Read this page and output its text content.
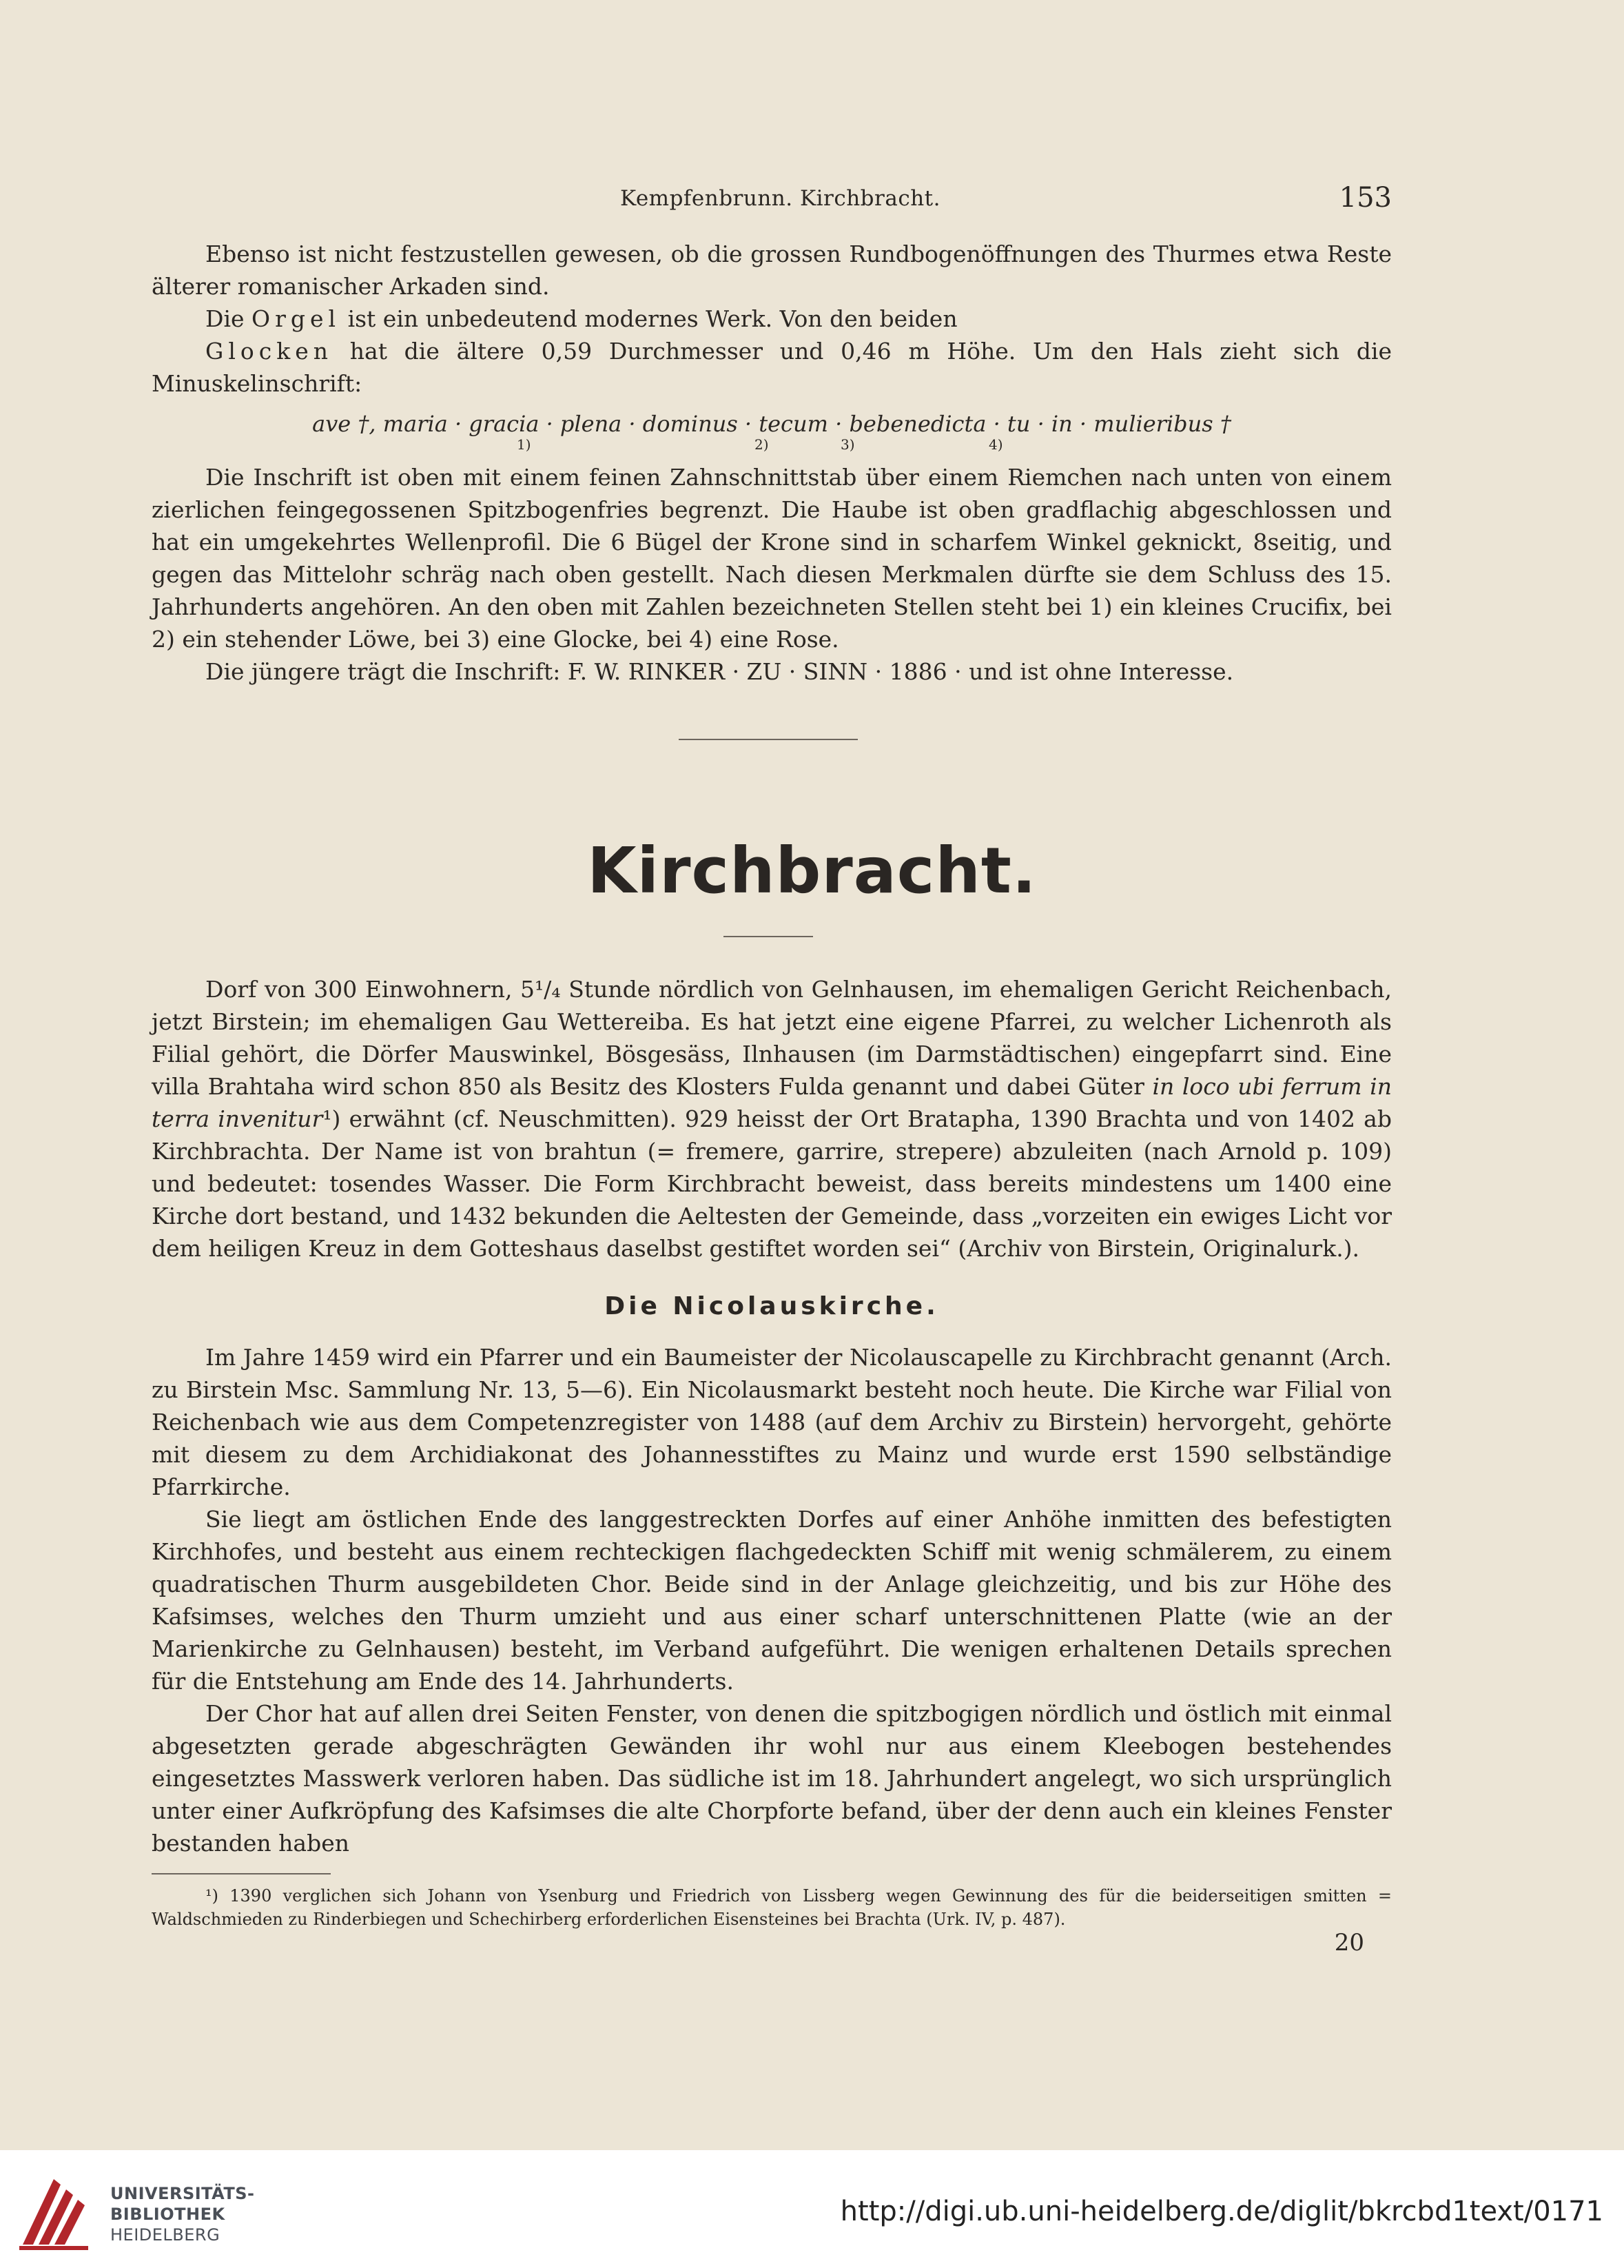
Kempfenbrunn. Kirchbracht.	153

Ebenso ist nicht festzustellen gewesen, ob die grossen Rundbogenöffnungen des Thurmes etwa Reste älterer romanischer Arkaden sind.

Die Orgel ist ein unbedeutend modernes Werk. Von den beiden

Glocken hat die ältere 0,59 Durchmesser und 0,46 m Höhe. Um den Hals zieht sich die Minuskelinschrift:

ave †, maria · gracia · plena · dominus · tecum · bebenedicta · tu · in · mulieribus †
1)	2)	3)	4)

Die Inschrift ist oben mit einem feinen Zahnschnittstab über einem Riemchen nach unten von einem zierlichen feingegossenen Spitzbogenfries begrenzt. Die Haube ist oben gradflachig abgeschlossen und hat ein umgekehrtes Wellenprofil. Die 6 Bügel der Krone sind in scharfem Winkel geknickt, 8seitig, und gegen das Mittelohr schräg nach oben gestellt. Nach diesen Merkmalen dürfte sie dem Schluss des 15. Jahrhunderts angehören. An den oben mit Zahlen bezeichneten Stellen steht bei 1) ein kleines Crucifix, bei 2) ein stehender Löwe, bei 3) eine Glocke, bei 4) eine Rose.

Die jüngere trägt die Inschrift: F. W. RINKER · ZU · SINN · 1886 · und ist ohne Interesse.

Kirchbracht.

Dorf von 300 Einwohnern, 5¹/₄ Stunde nördlich von Gelnhausen, im ehemaligen Gericht Reichenbach, jetzt Birstein; im ehemaligen Gau Wettereiba. Es hat jetzt eine eigene Pfarrei, zu welcher Lichenroth als Filial gehört, die Dörfer Mauswinkel, Bösgesäss, Ilnhausen (im Darmstädtischen) eingepfarrt sind. Eine villa Brahtaha wird schon 850 als Besitz des Klosters Fulda genannt und dabei Güter in loco ubi ferrum in terra invenitur¹) erwähnt (cf. Neuschmitten). 929 heisst der Ort Bratapha, 1390 Brachta und von 1402 ab Kirchbrachta. Der Name ist von brahtun (= fremere, garrire, strepere) abzuleiten (nach Arnold p. 109) und bedeutet: tosendes Wasser. Die Form Kirchbracht beweist, dass bereits mindestens um 1400 eine Kirche dort bestand, und 1432 bekunden die Aeltesten der Gemeinde, dass „vorzeiten ein ewiges Licht vor dem heiligen Kreuz in dem Gotteshaus daselbst gestiftet worden sei“ (Archiv von Birstein, Originalurk.).

Die Nicolauskirche.

Im Jahre 1459 wird ein Pfarrer und ein Baumeister der Nicolauscapelle zu Kirchbracht genannt (Arch. zu Birstein Msc. Sammlung Nr. 13, 5—6). Ein Nicolausmarkt besteht noch heute. Die Kirche war Filial von Reichenbach wie aus dem Competenzregister von 1488 (auf dem Archiv zu Birstein) hervorgeht, gehörte mit diesem zu dem Archidiakonat des Johannesstiftes zu Mainz und wurde erst 1590 selbständige Pfarrkirche.

Sie liegt am östlichen Ende des langgestreckten Dorfes auf einer Anhöhe inmitten des befestigten Kirchhofes, und besteht aus einem rechteckigen flachgedeckten Schiff mit wenig schmälerem, zu einem quadratischen Thurm ausgebildeten Chor. Beide sind in der Anlage gleichzeitig, und bis zur Höhe des Kafsimses, welches den Thurm umzieht und aus einer scharf unterschnittenen Platte (wie an der Marienkirche zu Gelnhausen) besteht, im Verband aufgeführt. Die wenigen erhaltenen Details sprechen für die Entstehung am Ende des 14. Jahrhunderts.

Der Chor hat auf allen drei Seiten Fenster, von denen die spitzbogigen nördlich und östlich mit einmal abgesetzten gerade abgeschrägten Gewänden ihr wohl nur aus einem Kleebogen bestehendes eingesetztes Masswerk verloren haben. Das südliche ist im 18. Jahrhundert angelegt, wo sich ursprünglich unter einer Aufkröpfung des Kafsimses die alte Chorpforte befand, über der denn auch ein kleines Fenster bestanden haben

¹) 1390 verglichen sich Johann von Ysenburg und Friedrich von Lissberg wegen Gewinnung des für die beiderseitigen smitten = Waldschmieden zu Rinderbiegen und Schechirberg erforderlichen Eisensteines bei Brachta (Urk. IV, p. 487).

20
UNIVERSITÄTS-
BIBLIOTHEK
HEIDELBERG
http://digi.ub.uni-heidelberg.de/diglit/bkrcbd1text/0171
